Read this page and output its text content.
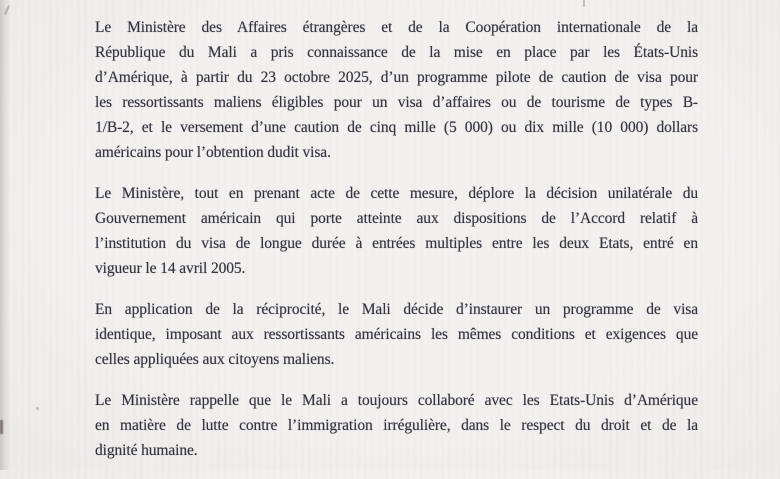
Le Ministère des Affaires étrangères et de la Coopération internationale de la
République du Mali a pris connaissance de la mise en place par les États-Unis
d’Amérique, à partir du 23 octobre 2025, d’un programme pilote de caution de visa pour
les ressortissants maliens éligibles pour un visa d’affaires ou de tourisme de types B-
1/B-2, et le versement d’une caution de cinq mille (5 000) ou dix mille (10 000) dollars
américains pour l’obtention dudit visa.
Le Ministère, tout en prenant acte de cette mesure, déplore la décision unilatérale du
Gouvernement américain qui porte atteinte aux dispositions de l’Accord relatif à
l’institution du visa de longue durée à entrées multiples entre les deux Etats, entré en
vigueur le 14 avril 2005.
En application de la réciprocité, le Mali décide d’instaurer un programme de visa
identique, imposant aux ressortissants américains les mêmes conditions et exigences que
celles appliquées aux citoyens maliens.
Le Ministère rappelle que le Mali a toujours collaboré avec les Etats-Unis d’Amérique
en matière de lutte contre l’immigration irrégulière, dans le respect du droit et de la
dignité humaine.
